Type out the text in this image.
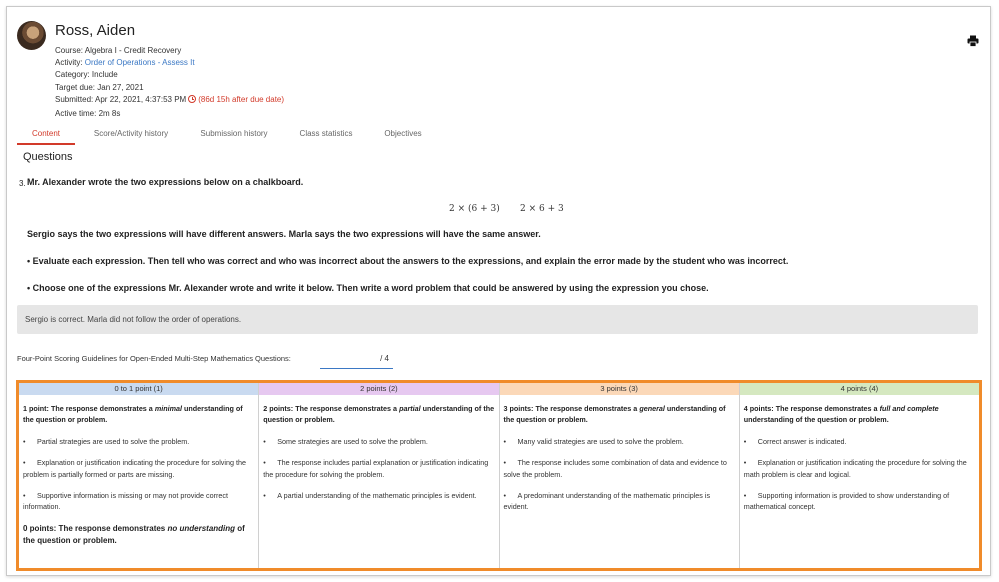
Ross, Aiden
Course: Algebra I - Credit Recovery
Activity: Order of Operations - Assess It
Category: Include
Target due: Jan 27, 2021
Submitted: Apr 22, 2021, 4:37:53 PM (86d 15h after due date)
Active time: 2m 8s
Content	Score/Activity history	Submission history	Class statistics	Objectives
Questions
3. Mr. Alexander wrote the two expressions below on a chalkboard.
2 × (6 + 3) 2 × 6 + 3
Sergio says the two expressions will have different answers. Marla says the two expressions will have the same answer.
• Evaluate each expression. Then tell who was correct and who was incorrect about the answers to the expressions, and explain the error made by the student who was incorrect.
• Choose one of the expressions Mr. Alexander wrote and write it below. Then write a word problem that could be answered by using the expression you chose.
Sergio is correct. Marla did not follow the order of operations.
Four-Point Scoring Guidelines for Open-Ended Multi-Step Mathematics Questions:	/ 4
0 to 1 point (1)
1 point: The response demonstrates a minimal understanding of the question or problem.
•	Partial strategies are used to solve the problem.
•	Explanation or justification indicating the procedure for solving the problem is partially formed or parts are missing.
•	Supportive information is missing or may not provide correct information.
0 points: The response demonstrates no understanding of the question or problem.
2 points (2)
2 points: The response demonstrates a partial understanding of the question or problem.
•	Some strategies are used to solve the problem.
•	The response includes partial explanation or justification indicating the procedure for solving the problem.
•	A partial understanding of the mathematic principles is evident.
3 points (3)
3 points: The response demonstrates a general understanding of the question or problem.
•	Many valid strategies are used to solve the problem.
•	The response includes some combination of data and evidence to solve the problem.
•	A predominant understanding of the mathematic principles is evident.
4 points (4)
4 points: The response demonstrates a full and complete understanding of the question or problem.
•	Correct answer is indicated.
•	Explanation or justification indicating the procedure for solving the math problem is clear and logical.
•	Supporting information is provided to show understanding of mathematical concept.
